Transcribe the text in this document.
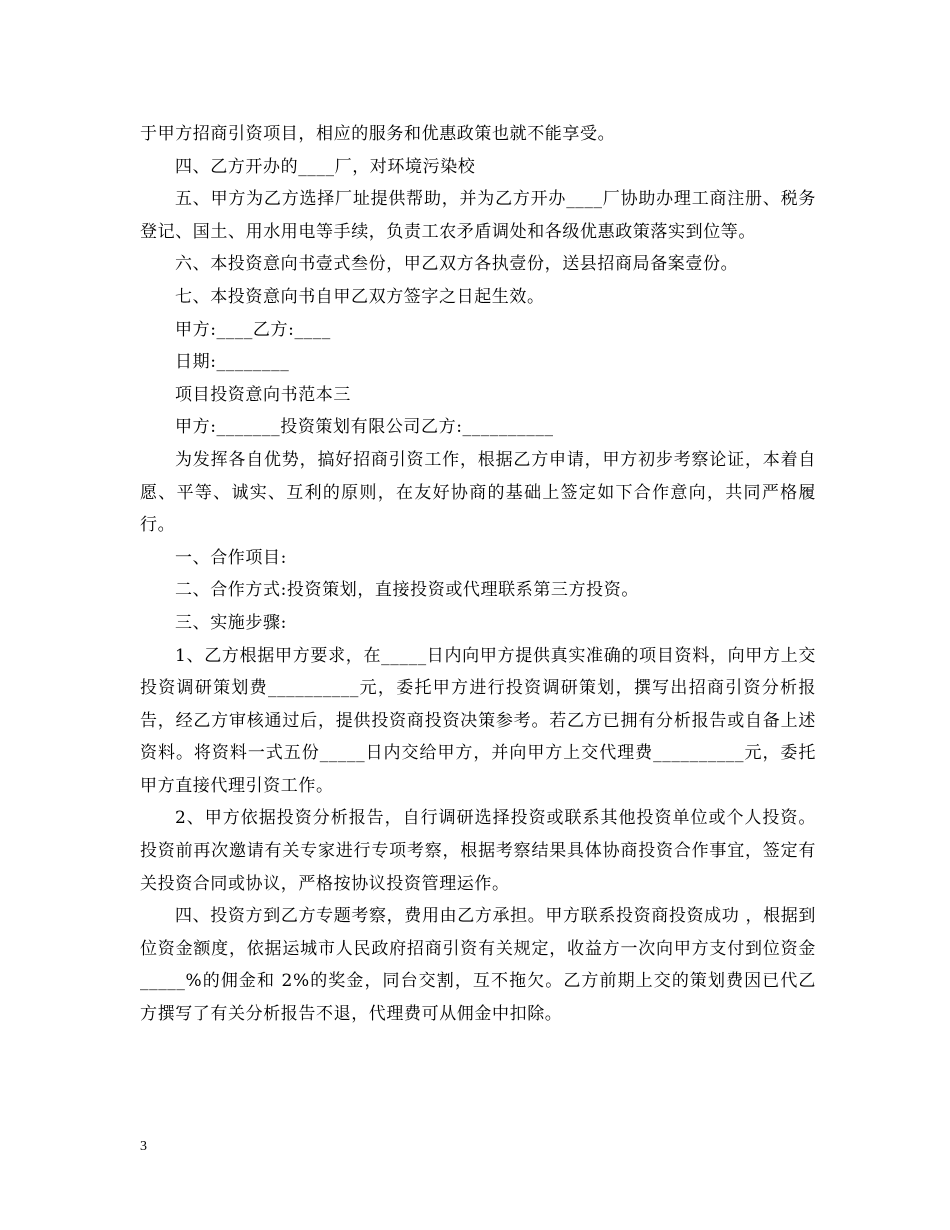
于甲方招商引资项目，相应的服务和优惠政策也就不能享受。

四、乙方开办的____厂，对环境污染校

五、甲方为乙方选择厂址提供帮助，并为乙方开办____厂协助办理工商注册、税务登记、国土、用水用电等手续，负责工农矛盾调处和各级优惠政策落实到位等。

六、本投资意向书壹式叁份，甲乙双方各执壹份，送县招商局备案壹份。

七、本投资意向书自甲乙双方签字之日起生效。

甲方:____乙方:____

日期:________

项目投资意向书范本三

甲方:_______投资策划有限公司乙方:__________

为发挥各自优势，搞好招商引资工作，根据乙方申请，甲方初步考察论证，本着自愿、平等、诚实、互利的原则，在友好协商的基础上签定如下合作意向，共同严格履行。

一、合作项目:

二、合作方式:投资策划，直接投资或代理联系第三方投资。

三、实施步骤:

1、乙方根据甲方要求，在_____日内向甲方提供真实准确的项目资料，向甲方上交投资调研策划费__________元，委托甲方进行投资调研策划，撰写出招商引资分析报告，经乙方审核通过后，提供投资商投资决策参考。若乙方已拥有分析报告或自备上述资料。将资料一式五份_____日内交给甲方，并向甲方上交代理费__________元，委托甲方直接代理引资工作。

2、甲方依据投资分析报告，自行调研选择投资或联系其他投资单位或个人投资。投资前再次邀请有关专家进行专项考察，根据考察结果具体协商投资合作事宜，签定有关投资合同或协议，严格按协议投资管理运作。

四、投资方到乙方专题考察，费用由乙方承担。甲方联系投资商投资成功 ，根据到位资金额度，依据运城市人民政府招商引资有关规定，收益方一次向甲方支付到位资金_____%的佣金和 2%的奖金，同台交割，互不拖欠。乙方前期上交的策划费因已代乙方撰写了有关分析报告不退，代理费可从佣金中扣除。

3
